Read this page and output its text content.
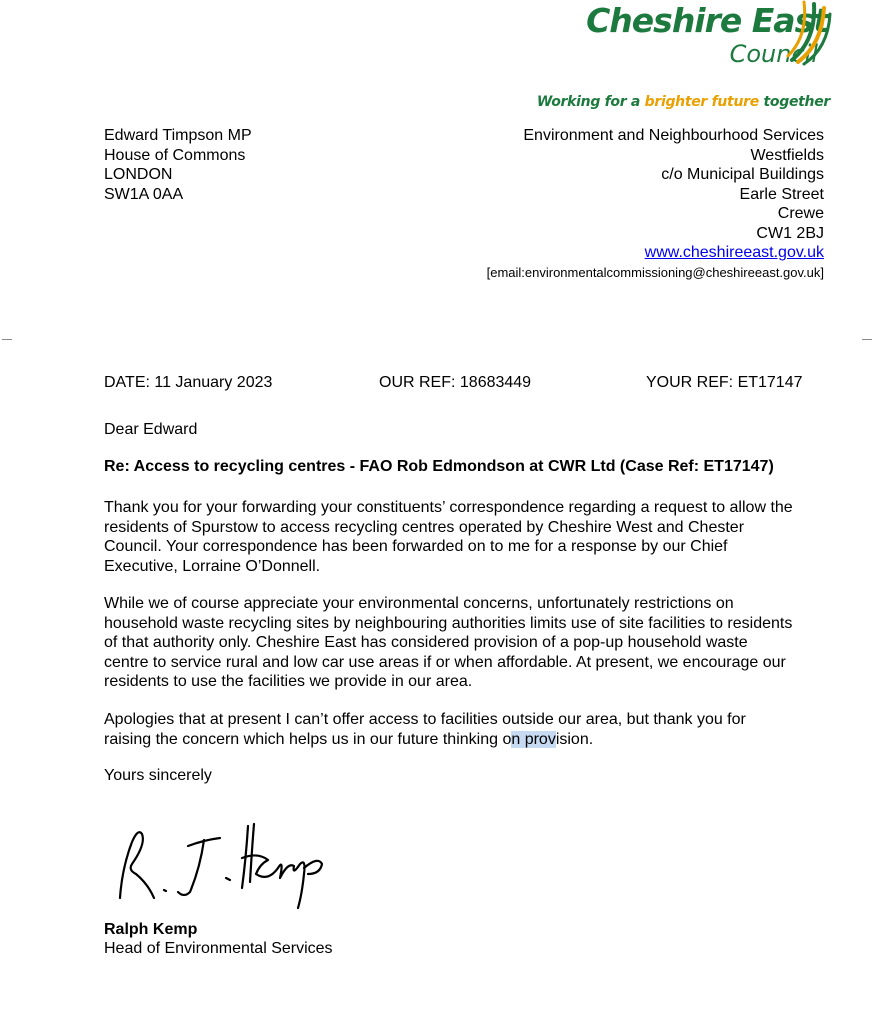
Cheshire East
Council
Working for a brighter future together
Edward Timpson MP
House of Commons
LONDON
SW1A 0AA
Environment and Neighbourhood Services
Westfields
c/o Municipal Buildings
Earle Street
Crewe
CW1 2BJ
www.cheshireeast.gov.uk
[email:environmentalcommissioning@cheshireeast.gov.uk]
DATE: 11 January 2023	OUR REF: 18683449	YOUR REF: ET17147
Dear Edward
Re: Access to recycling centres - FAO Rob Edmondson at CWR Ltd (Case Ref: ET17147)
Thank you for your forwarding your constituents’ correspondence regarding a request to allow the
residents of Spurstow to access recycling centres operated by Cheshire West and Chester
Council. Your correspondence has been forwarded on to me for a response by our Chief
Executive, Lorraine O’Donnell.
While we of course appreciate your environmental concerns, unfortunately restrictions on
household waste recycling sites by neighbouring authorities limits use of site facilities to residents
of that authority only. Cheshire East has considered provision of a pop-up household waste
centre to service rural and low car use areas if or when affordable. At present, we encourage our
residents to use the facilities we provide in our area.
Apologies that at present I can’t offer access to facilities outside our area, but thank you for
raising the concern which helps us in our future thinking on provision.
Yours sincerely
Ralph Kemp
Head of Environmental Services
